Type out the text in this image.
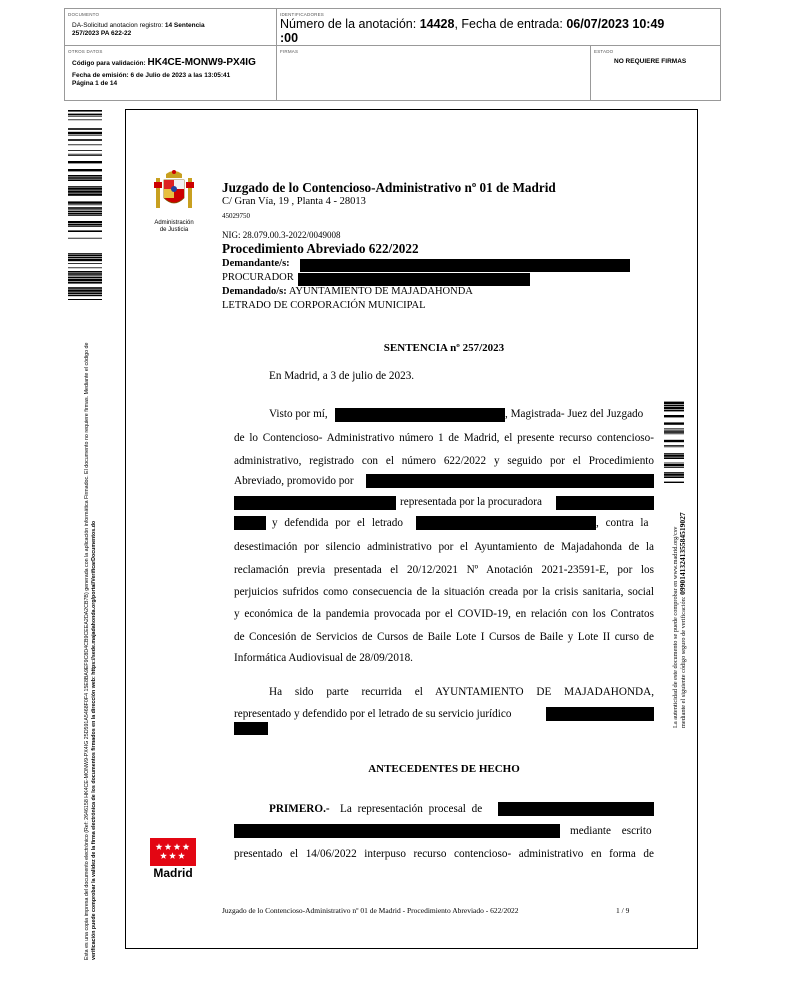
DOCUMENTO
DA-Solicitud anotacion registro: 14 Sentencia
257/2023 PA 622-22
IDENTIFICADORES
Número de la anotación: 14428, Fecha de entrada: 06/07/2023 10:49
:00
OTROS DATOS
Código para validación: HK4CE-MONW9-PX4IG
Fecha de emisión: 6 de Julio de 2023 a las 13:05:41
Página 1 de 14
FIRMAS	ESTADO
NO REQUIERE FIRMAS
Esta es una copia impresa del documento electrónico (Ref: 2646158 HK4CE-MONW9-PX4IG 25D591A5468F0F4 15E8BA9EF9C8D4CB9CEEA2DA2CB7B) generada con la aplicación informática Firmadoc. El documento no requiere firmas. Mediante el código de verificación puede comprobar la validez de la firma electrónica de los documentos firmados en la dirección web: https://sede.majadahonda.org/portal/VerificarDocumentos.do	La autenticidad de este documento se puede comprobar en www.madrid.org/csv mediante el siguiente código seguro de verificación: 0990141324135584519027
Administración
de Justicia
Madrid
Juzgado de lo Contencioso-Administrativo nº 01 de Madrid
C/ Gran Vía, 19 , Planta 4 - 28013
45029750
NIG: 28.079.00.3-2022/0049008
Procedimiento Abreviado 622/2022
Demandante/s:
PROCURADOR
Demandado/s: AYUNTAMIENTO DE MAJADAHONDA
LETRADO DE CORPORACIÓN MUNICIPAL
SENTENCIA nº 257/2023
En Madrid, a 3 de julio de 2023.
Visto por mí,	, Magistrada- Juez del Juzgado
de lo Contencioso- Administrativo número 1 de Madrid, el presente recurso contencioso-
administrativo, registrado con el número 622/2022 y seguido por el Procedimiento
Abreviado, promovido por
representada por la procuradora
y defendida por el letrado	, contra la
desestimación por silencio administrativo por el Ayuntamiento de Majadahonda de la
reclamación previa presentada el 20/12/2021 Nº Anotación 2021-23591-E, por los
perjuicios sufridos como consecuencia de la situación creada por la crisis sanitaria, social
y económica de la pandemia provocada por el COVID-19, en relación con los Contratos
de Concesión de Servicios de Cursos de Baile Lote I Cursos de Baile y Lote II curso de
Informática Audiovisual de 28/09/2018.
Ha sido parte recurrida el AYUNTAMIENTO DE MAJADAHONDA,
representado y defendido por el letrado de su servicio jurídico
ANTECEDENTES DE HECHO
PRIMERO.- La representación procesal de
mediante escrito
presentado el 14/06/2022 interpuso recurso contencioso- administrativo en forma de
Juzgado de lo Contencioso-Administrativo nº 01 de Madrid - Procedimiento Abreviado - 622/2022	1 / 9
